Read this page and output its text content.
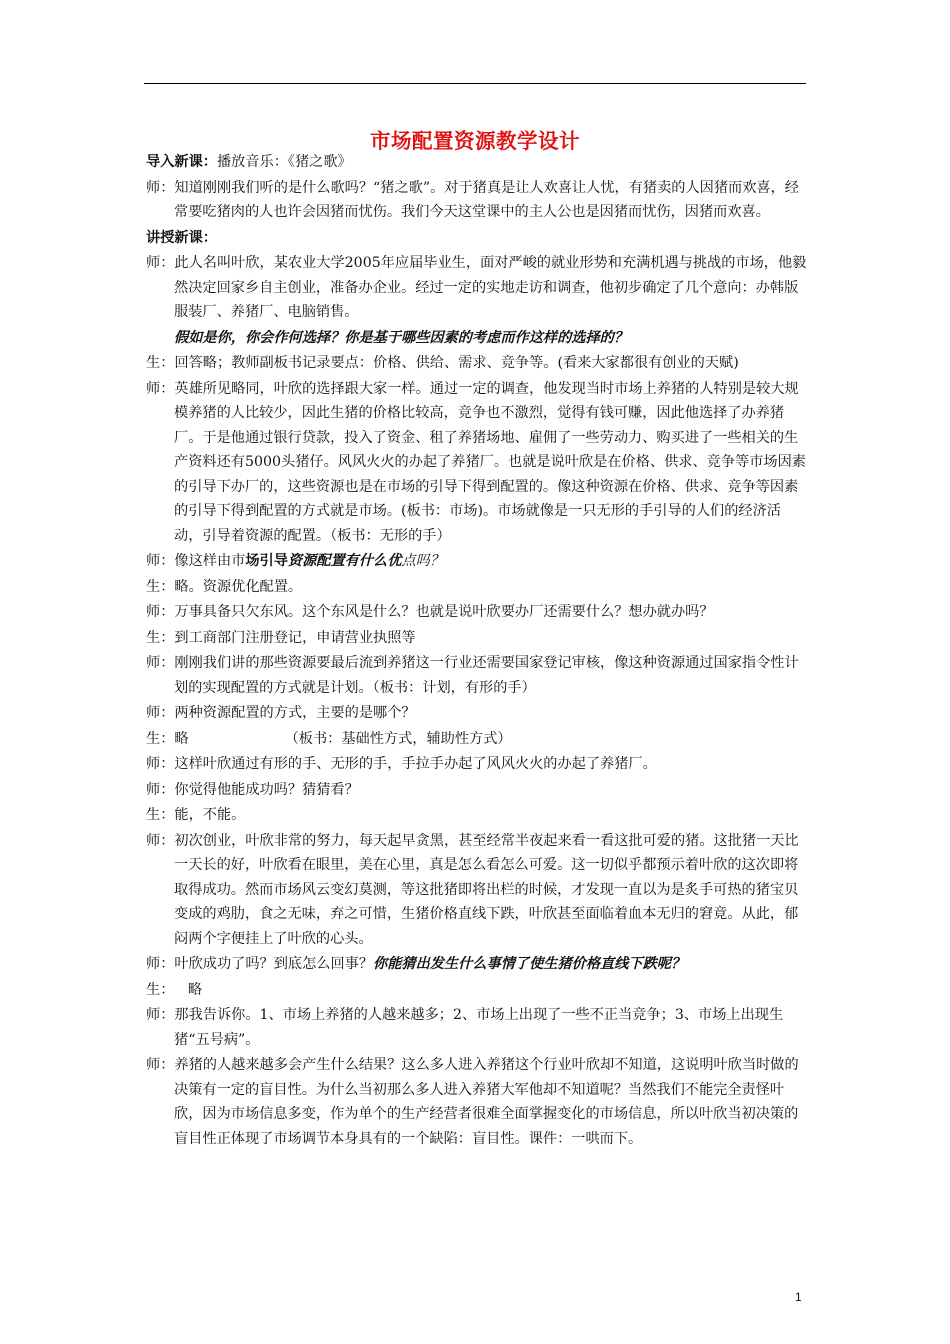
市场配置资源教学设计

导入新课：播放音乐：《猪之歌》

师：知道刚刚我们听的是什么歌吗？“猪之歌”。对于猪真是让人欢喜让人忧，有猪卖的人因猪而欢喜，经常要吃猪肉的人也许会因猪而忧伤。我们今天这堂课中的主人公也是因猪而忧伤，因猪而欢喜。

讲授新课：

师：此人名叫叶欣，某农业大学2005年应届毕业生，面对严峻的就业形势和充满机遇与挑战的市场，他毅然决定回家乡自主创业，准备办企业。经过一定的实地走访和调查，他初步确定了几个意向：办韩版服装厂、养猪厂、电脑销售。

假如是你，你会作何选择？你是基于哪些因素的考虑而作这样的选择的？

生：回答略；教师副板书记录要点：价格、供给、需求、竞争等。(看来大家都很有创业的天赋)

师：英雄所见略同，叶欣的选择跟大家一样。通过一定的调查，他发现当时市场上养猪的人特别是较大规模养猪的人比较少，因此生猪的价格比较高，竞争也不激烈，觉得有钱可赚，因此他选择了办养猪厂。于是他通过银行贷款，投入了资金、租了养猪场地、雇佣了一些劳动力、购买进了一些相关的生产资料还有5000头猪仔。风风火火的办起了养猪厂。也就是说叶欣是在价格、供求、竞争等市场因素的引导下办厂的，这些资源也是在市场的引导下得到配置的。像这种资源在价格、供求、竞争等因素的引导下得到配置的方式就是市场。(板书：市场)。市场就像是一只无形的手引导的人们的经济活动，引导着资源的配置。（板书：无形的手）

师：像这样由市场引导资源配置有什么优点吗？

生：略。资源优化配置。

师：万事具备只欠东风。这个东风是什么？也就是说叶欣要办厂还需要什么？想办就办吗？

生：到工商部门注册登记，申请营业执照等

师：刚刚我们讲的那些资源要最后流到养猪这一行业还需要国家登记审核，像这种资源通过国家指令性计划的实现配置的方式就是计划。（板书：计划，有形的手）

师：两种资源配置的方式，主要的是哪个？

生：略	（板书：基础性方式，辅助性方式）

师：这样叶欣通过有形的手、无形的手，手拉手办起了风风火火的办起了养猪厂。

师：你觉得他能成功吗？猜猜看？

生：能，不能。

师：初次创业，叶欣非常的努力，每天起早贪黑，甚至经常半夜起来看一看这批可爱的猪。这批猪一天比一天长的好，叶欣看在眼里，美在心里，真是怎么看怎么可爱。这一切似乎都预示着叶欣的这次即将取得成功。然而市场风云变幻莫测，等这批猪即将出栏的时候，才发现一直以为是炙手可热的猪宝贝变成的鸡肋，食之无味，弃之可惜，生猪价格直线下跌，叶欣甚至面临着血本无归的窘竟。从此，郁闷两个字便挂上了叶欣的心头。

师：叶欣成功了吗？到底怎么回事？你能猜出发生什么事情了使生猪价格直线下跌呢？

生： 略

师：那我告诉你。1、市场上养猪的人越来越多；2、市场上出现了一些不正当竞争；3、市场上出现生猪“五号病”。

师：养猪的人越来越多会产生什么结果？这么多人进入养猪这个行业叶欣却不知道，这说明叶欣当时做的决策有一定的盲目性。为什么当初那么多人进入养猪大军他却不知道呢？当然我们不能完全责怪叶欣，因为市场信息多变，作为单个的生产经营者很难全面掌握变化的市场信息，所以叶欣当初决策的盲目性正体现了市场调节本身具有的一个缺陷：盲目性。课件：一哄而下。

1
